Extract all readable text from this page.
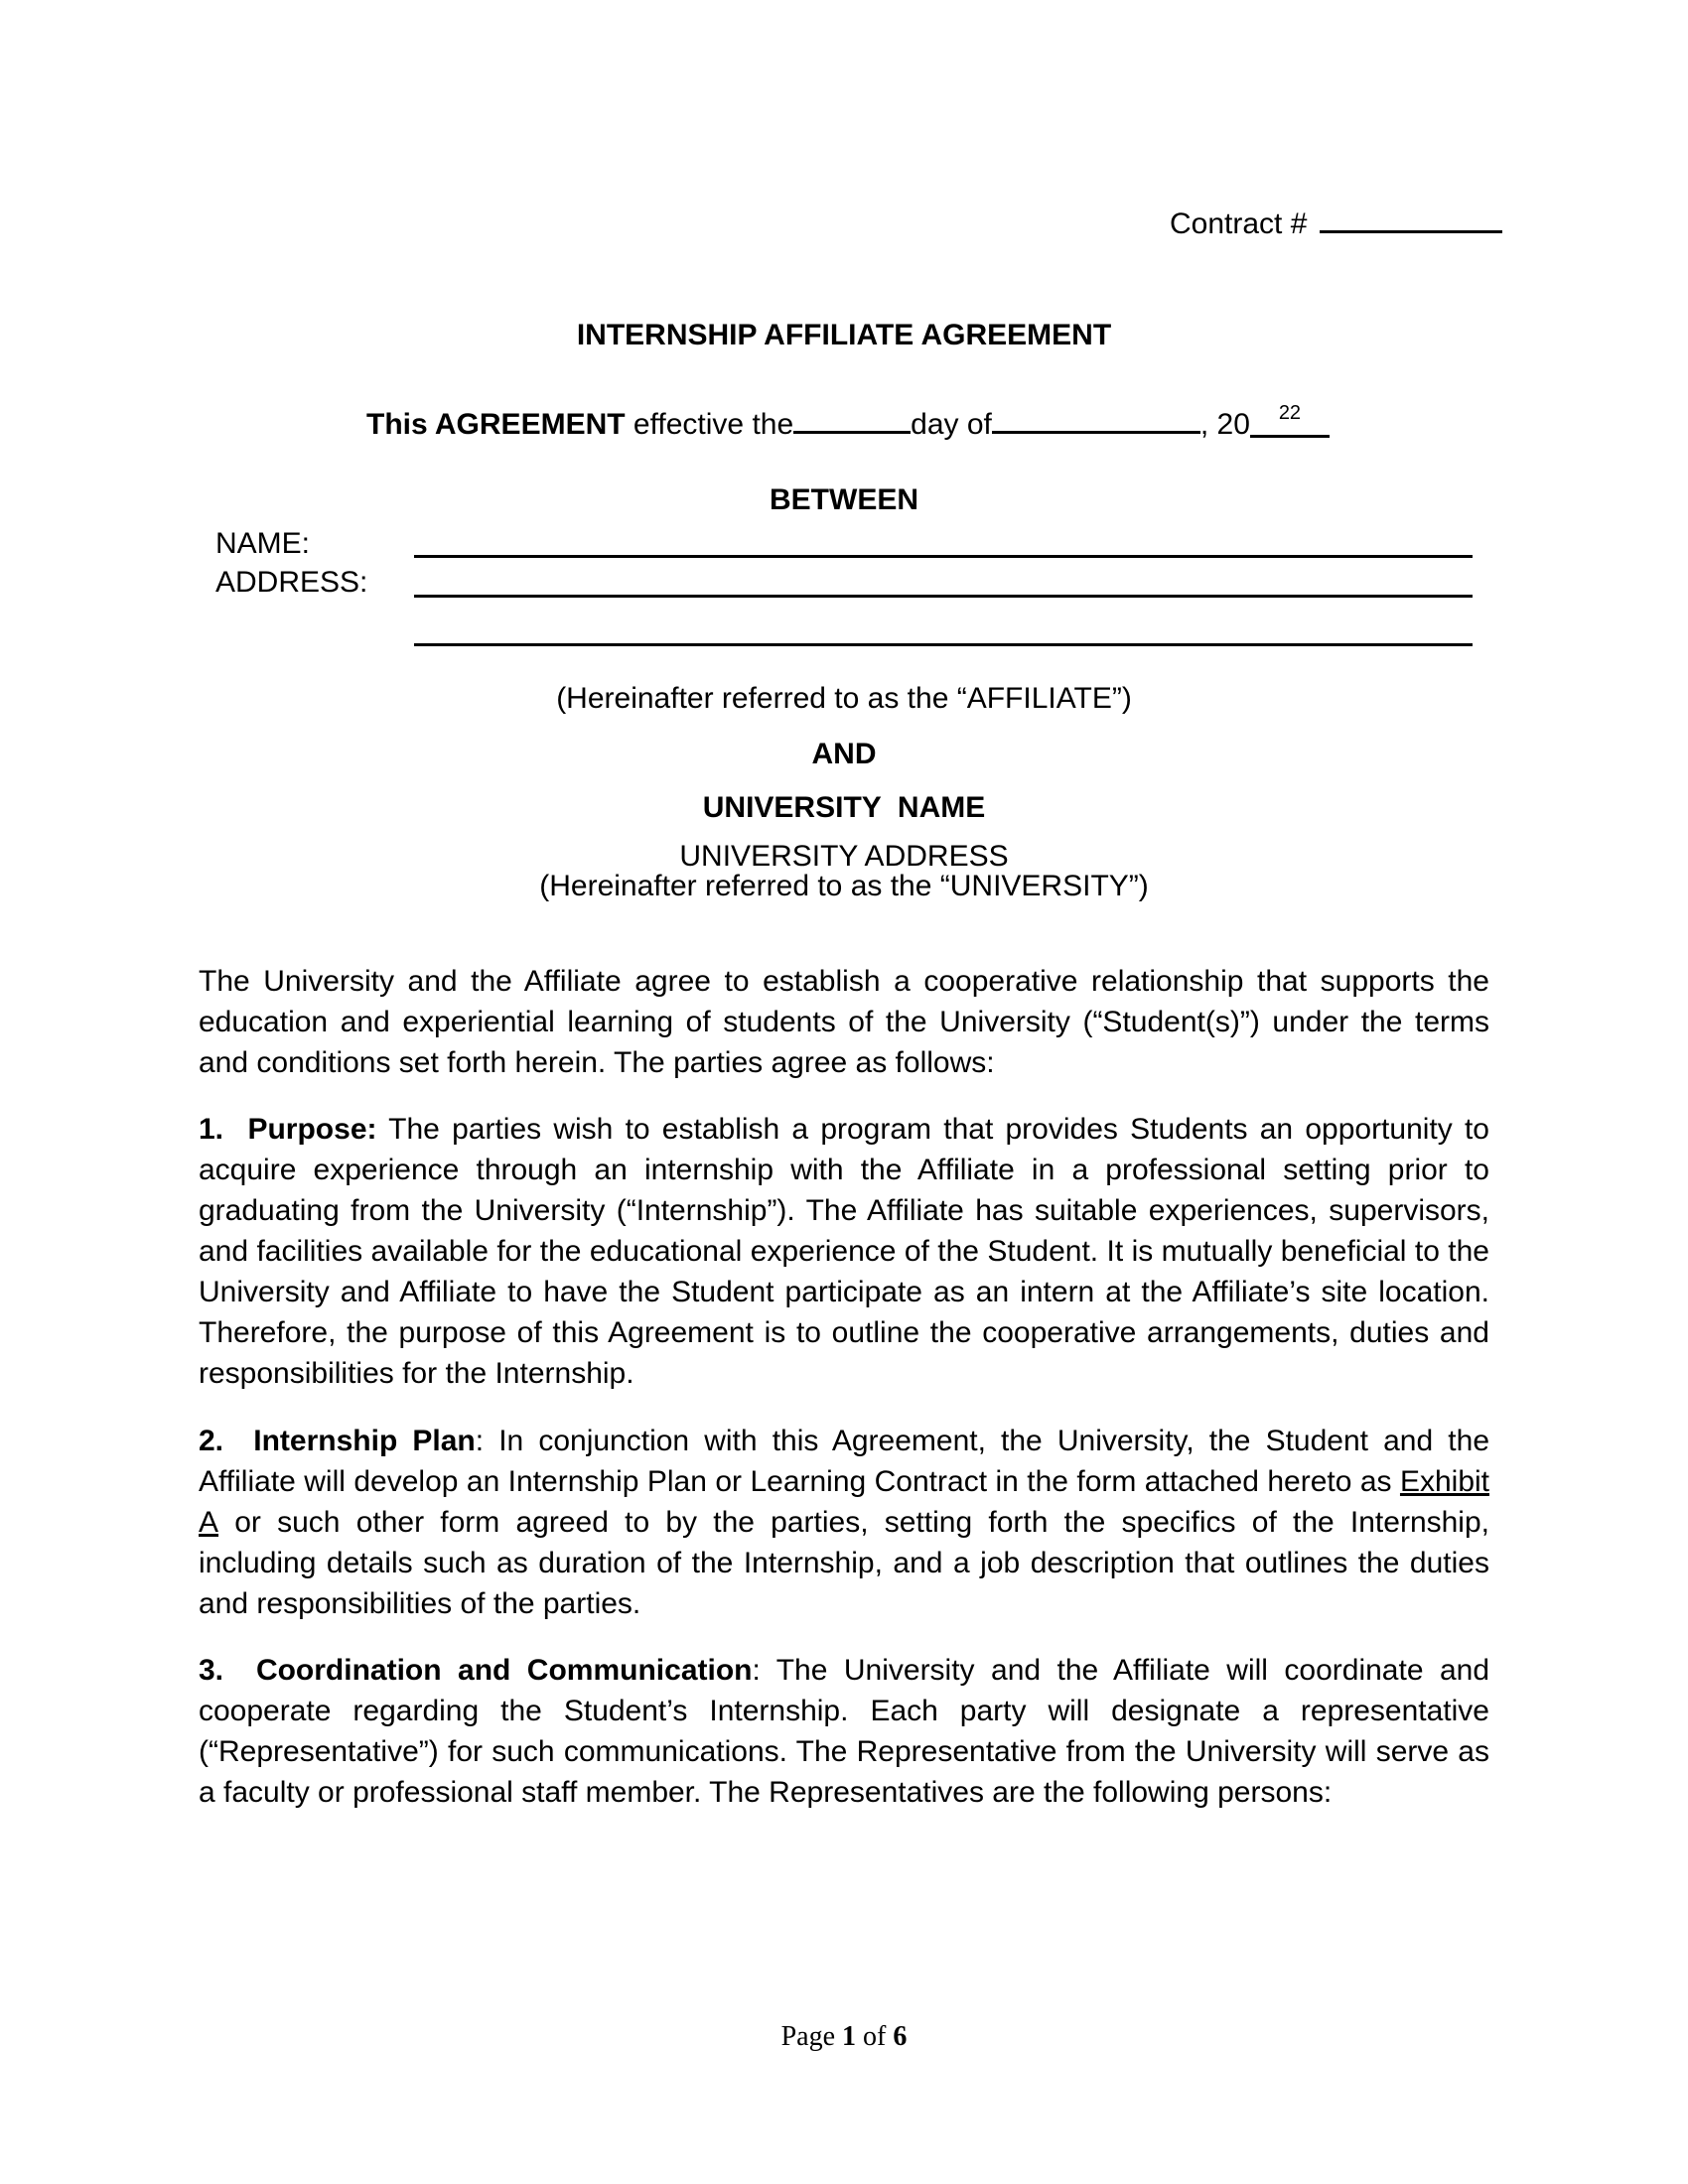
Contract #
INTERNSHIP AFFILIATE AGREEMENT
This AGREEMENT effective the	day of	, 20 $^{22}$
BETWEEN
NAME:
ADDRESS:
(Hereinafter referred to as the “AFFILIATE”)
AND
UNIVERSITY  NAME
UNIVERSITY ADDRESS
(Hereinafter referred to as the “UNIVERSITY”)

The University and the Affiliate agree to establish a cooperative relationship that supports the education and experiential learning of students of the University (“Student(s)”) under the terms and conditions set forth herein. The parties agree as follows:

1. Purpose: The parties wish to establish a program that provides Students an opportunity to acquire experience through an internship with the Affiliate in a professional setting prior to graduating from the University (“Internship”). The Affiliate has suitable experiences, supervisors, and facilities available for the educational experience of the Student. It is mutually beneficial to the University and Affiliate to have the Student participate as an intern at the Affiliate’s site location. Therefore, the purpose of this Agreement is to outline the cooperative arrangements, duties and responsibilities for the Internship.

2. Internship Plan: In conjunction with this Agreement, the University, the Student and the Affiliate will develop an Internship Plan or Learning Contract in the form attached hereto as Exhibit A or such other form agreed to by the parties, setting forth the specifics of the Internship, including details such as duration of the Internship, and a job description that outlines the duties and responsibilities of the parties.

3. Coordination and Communication: The University and the Affiliate will coordinate and cooperate regarding the Student’s Internship. Each party will designate a representative (“Representative”) for such communications. The Representative from the University will serve as a faculty or professional staff member. The Representatives are the following persons:

Page 1 of 6
